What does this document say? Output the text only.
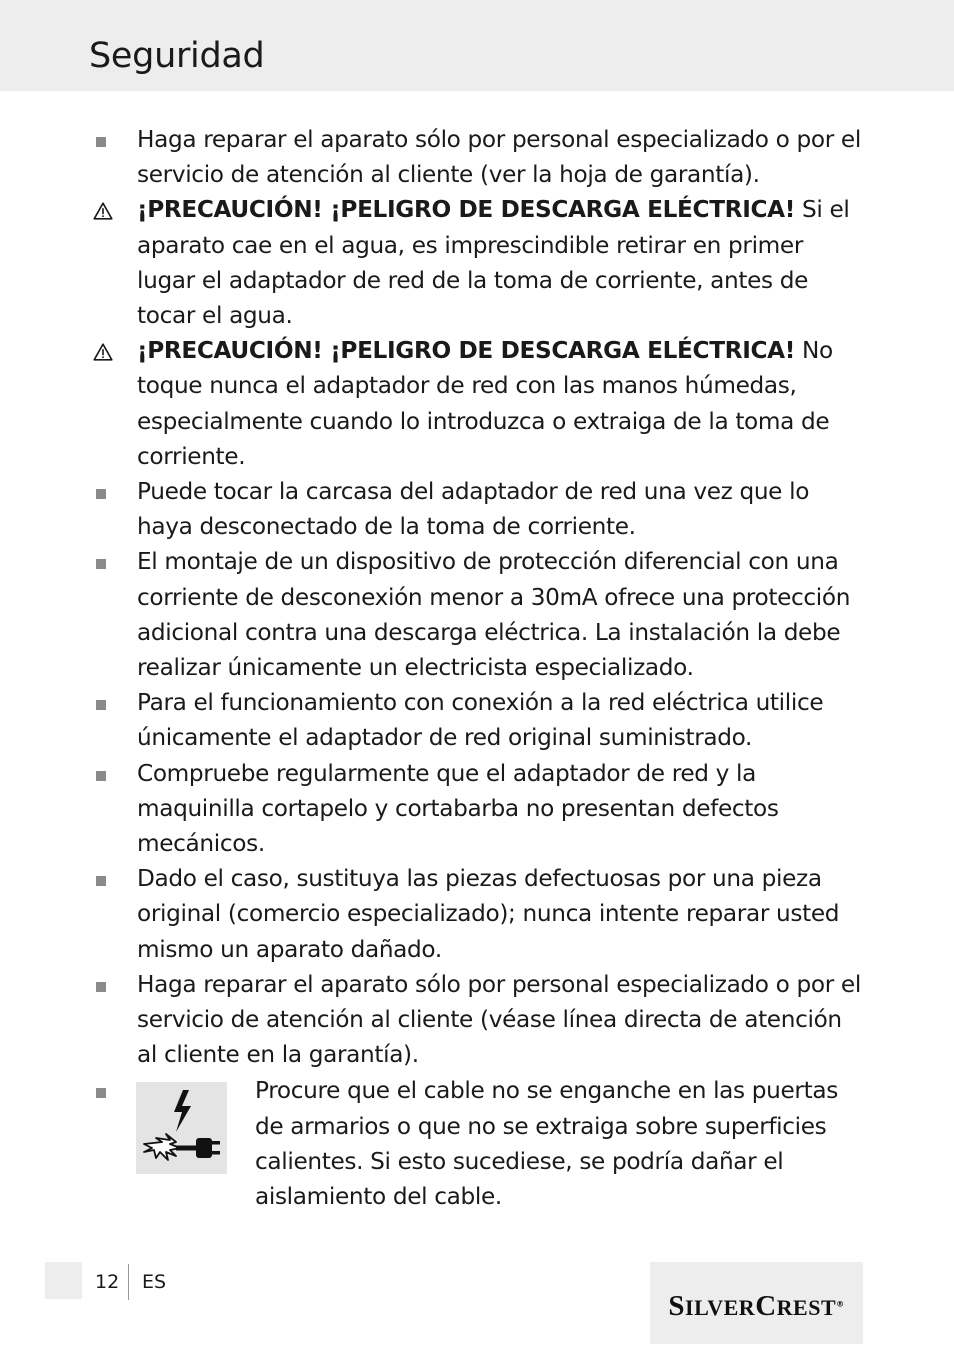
Seguridad
Haga reparar el aparato sólo por personal especializado o por el servicio de atención al cliente (ver la hoja de garantía).
¡PRECAUCIÓN! ¡PELIGRO DE DESCARGA ELÉCTRICA! Si el aparato cae en el agua, es imprescindible retirar en primer lugar el adaptador de red de la toma de corriente, antes de tocar el agua.
¡PRECAUCIÓN! ¡PELIGRO DE DESCARGA ELÉCTRICA! No toque nunca el adaptador de red con las manos húmedas, especialmente cuando lo introduzca o extraiga de la toma de corriente.
Puede tocar la carcasa del adaptador de red una vez que lo haya desconectado de la toma de corriente.
El montaje de un dispositivo de protección diferencial con una corriente de desconexión menor a 30mA ofrece una protección adicional contra una descarga eléctrica. La instalación la debe realizar únicamente un electricista especializado.
Para el funcionamiento con conexión a la red eléctrica utilice únicamente el adaptador de red original suministrado.
Compruebe regularmente que el adaptador de red y la maquinilla cortapelo y cortabarba no presentan defectos mecánicos.
Dado el caso, sustituya las piezas defectuosas por una pieza original (comercio especializado); nunca intente reparar usted mismo un aparato dañado.
Haga reparar el aparato sólo por personal especializado o por el servicio de atención al cliente (véase línea directa de atención al cliente en la garantía).
Procure que el cable no se enganche en las puertas de armarios o que no se extraiga sobre superficies calientes. Si esto sucediese, se podría dañar el aislamiento del cable.
12 ES
SILVERCREST®
